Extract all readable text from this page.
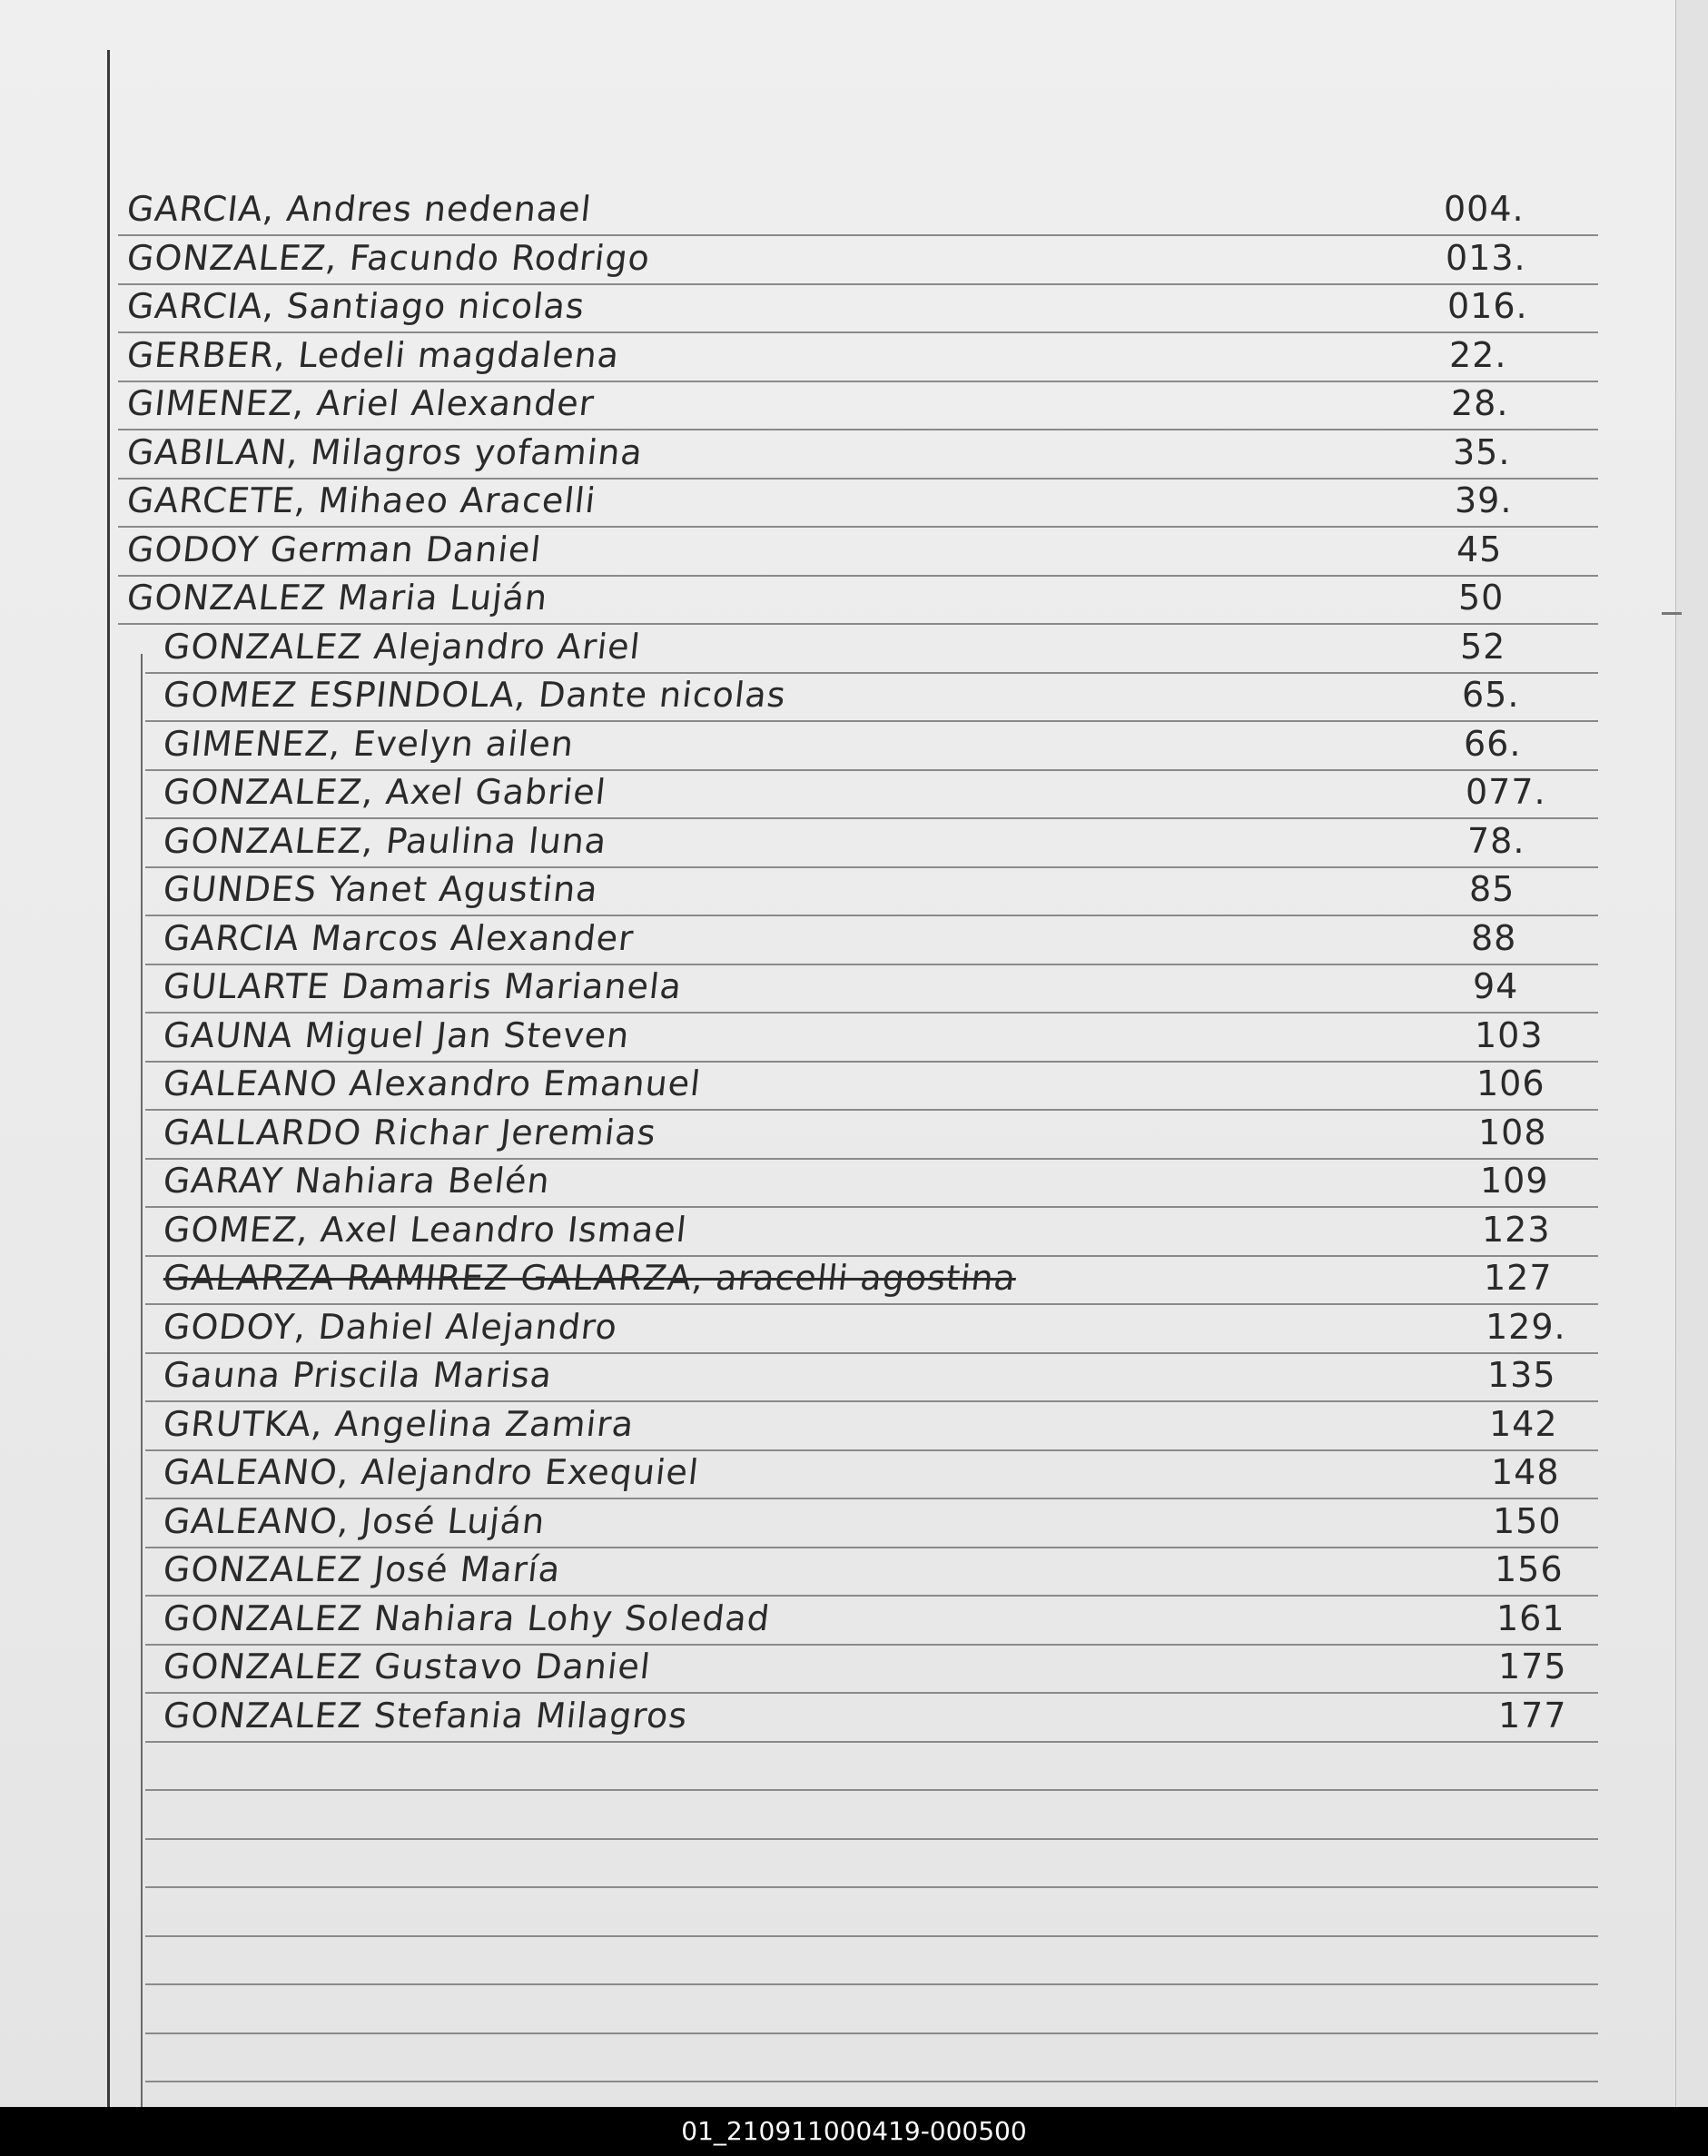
GARCIA, Andres nedenael	004.
GONZALEZ, Facundo Rodrigo	013.
GARCIA, Santiago nicolas	016.
GERBER, Ledeli magdalena	22.
GIMENEZ, Ariel Alexander	28.
GABILAN, Milagros yofamina	35.
GARCETE, Mihaeo Aracelli	39.
GODOY German Daniel	45
GONZALEZ Maria Luján	50
GONZALEZ Alejandro Ariel	52
GOMEZ ESPINDOLA, Dante nicolas	65.
GIMENEZ, Evelyn ailen	66.
GONZALEZ, Axel Gabriel	077.
GONZALEZ, Paulina luna	78.
GUNDES Yanet Agustina	85
GARCIA Marcos Alexander	88
GULARTE Damaris Marianela	94
GAUNA Miguel Jan Steven	103
GALEANO Alexandro Emanuel	106
GALLARDO Richar Jeremias	108
GARAY Nahiara Belén	109
GOMEZ, Axel Leandro Ismael	123
GALARZA RAMIREZ GALARZA, aracelli agostina	127
GODOY, Dahiel Alejandro	129.
Gauna Priscila Marisa	135
GRUTKA, Angelina Zamira	142
GALEANO, Alejandro Exequiel	148
GALEANO, José Luján	150
GONZALEZ José María	156
GONZALEZ Nahiara Lohy Soledad	161
GONZALEZ Gustavo Daniel	175
GONZALEZ Stefania Milagros	177
01_210911000419-000500
